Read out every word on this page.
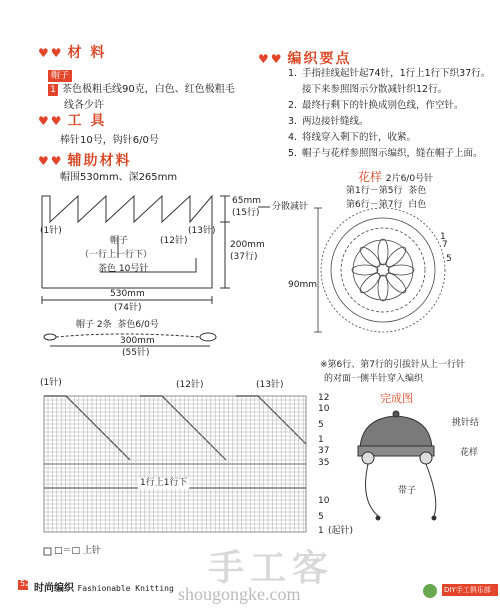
♥♥ 材 料
帽子
1 茶色极粗毛线90克，白色、红色极粗毛
线各少许
♥♥ 工 具
棒针10号，钩针6/0号
♥♥ 辅助材料
帽围530mm、深265mm
♥♥ 编织要点
1. 手指挂线起针起74针，1行上1行下织37行。
接下来参照图示分散减针织12行。
2. 最终行剩下的针换成别色线，作空针。
3. 两边接针缝线。
4. 将线穿入剩下的针，收紧。
5. 帽子与花样参照图示编织，缝在帽子上面。
(1针)
(12针)
(13针)
帽子
（一行上一行下）
茶色 10号针
65mm
(15行)
分散减针
200mm
(37行)
530mm
(74针)
帽子 2条 茶色6/0号
300mm
(55针)
花样 2片6/0号针
第1行－第5行 茶色
第6行－第7行 白色
90mm
1
5
7
※第6行、第7行的引拔针从上一行针
的对面一侧半针穿入编织
完成图
挑针结
花样
带子
(1针)	(12针)	(13针)
1行上1行下
12
10
5
1
37
35
10
5
1 (起针)
□＝□ 上针
52 时尚编织 Fashionable Knitting
手工客
shougongke.com	DIY手工俱乐部
